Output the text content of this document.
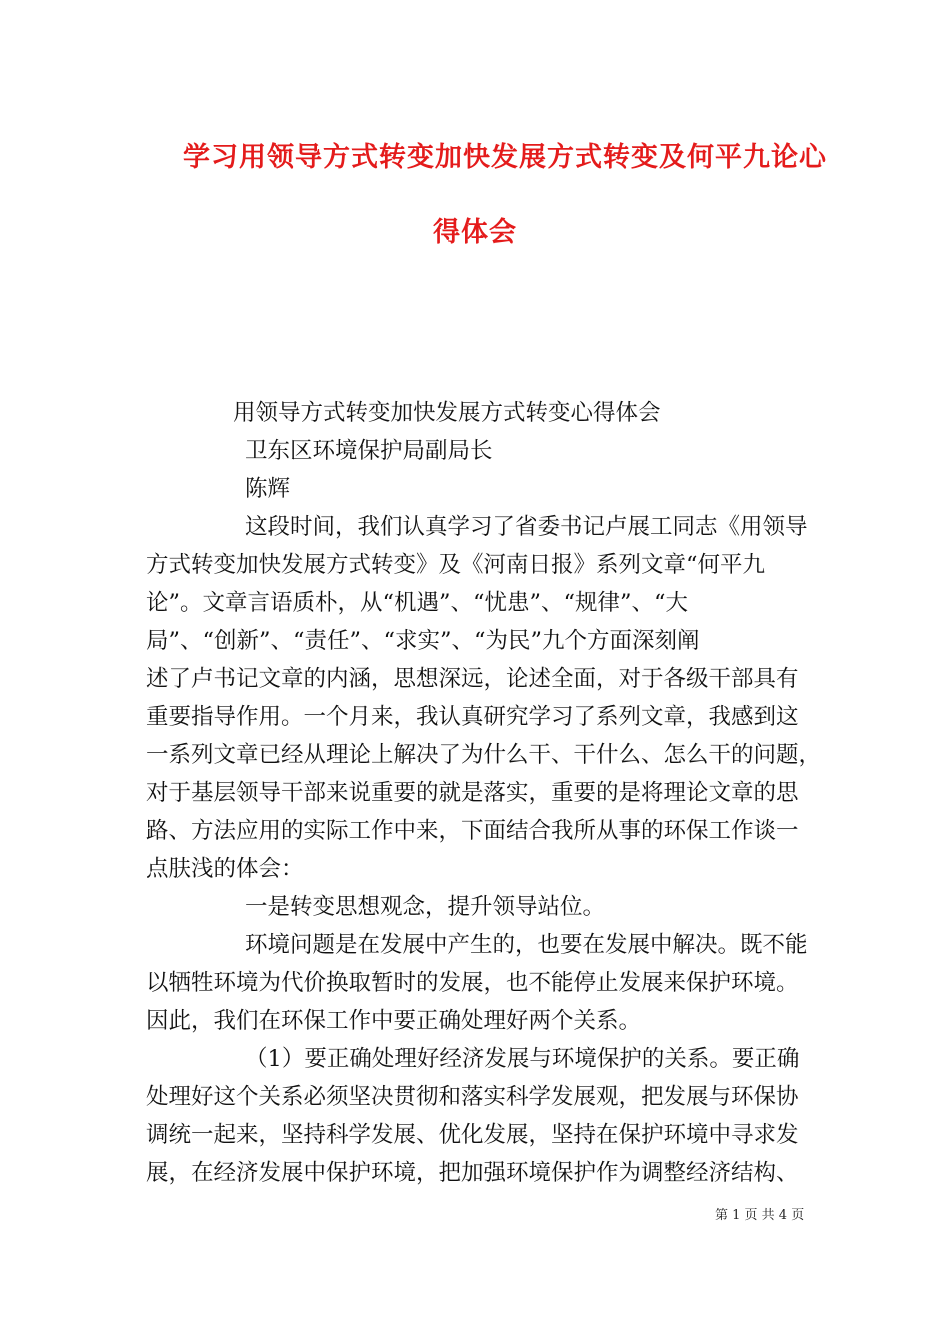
学习用领导方式转变加快发展方式转变及何平九论心
得体会
用领导方式转变加快发展方式转变心得体会
卫东区环境保护局副局长
陈辉
这段时间，我们认真学习了省委书记卢展工同志《用领导
方式转变加快发展方式转变》及《河南日报》系列文章“何平九
论”。文章言语质朴，从“机遇”、“忧患”、“规律”、“大
局”、“创新”、“责任”、“求实”、“为民”九个方面深刻阐
述了卢书记文章的内涵，思想深远，论述全面，对于各级干部具有
重要指导作用。一个月来，我认真研究学习了系列文章，我感到这
一系列文章已经从理论上解决了为什么干、干什么、怎么干的问题，
对于基层领导干部来说重要的就是落实，重要的是将理论文章的思
路、方法应用的实际工作中来，下面结合我所从事的环保工作谈一
点肤浅的体会：
一是转变思想观念，提升领导站位。
环境问题是在发展中产生的，也要在发展中解决。既不能
以牺牲环境为代价换取暂时的发展，也不能停止发展来保护环境。
因此，我们在环保工作中要正确处理好两个关系。
（1）要正确处理好经济发展与环境保护的关系。要正确
处理好这个关系必须坚决贯彻和落实科学发展观，把发展与环保协
调统一起来，坚持科学发展、优化发展，坚持在保护环境中寻求发
展，在经济发展中保护环境，把加强环境保护作为调整经济结构、
第 1 页 共 4 页
